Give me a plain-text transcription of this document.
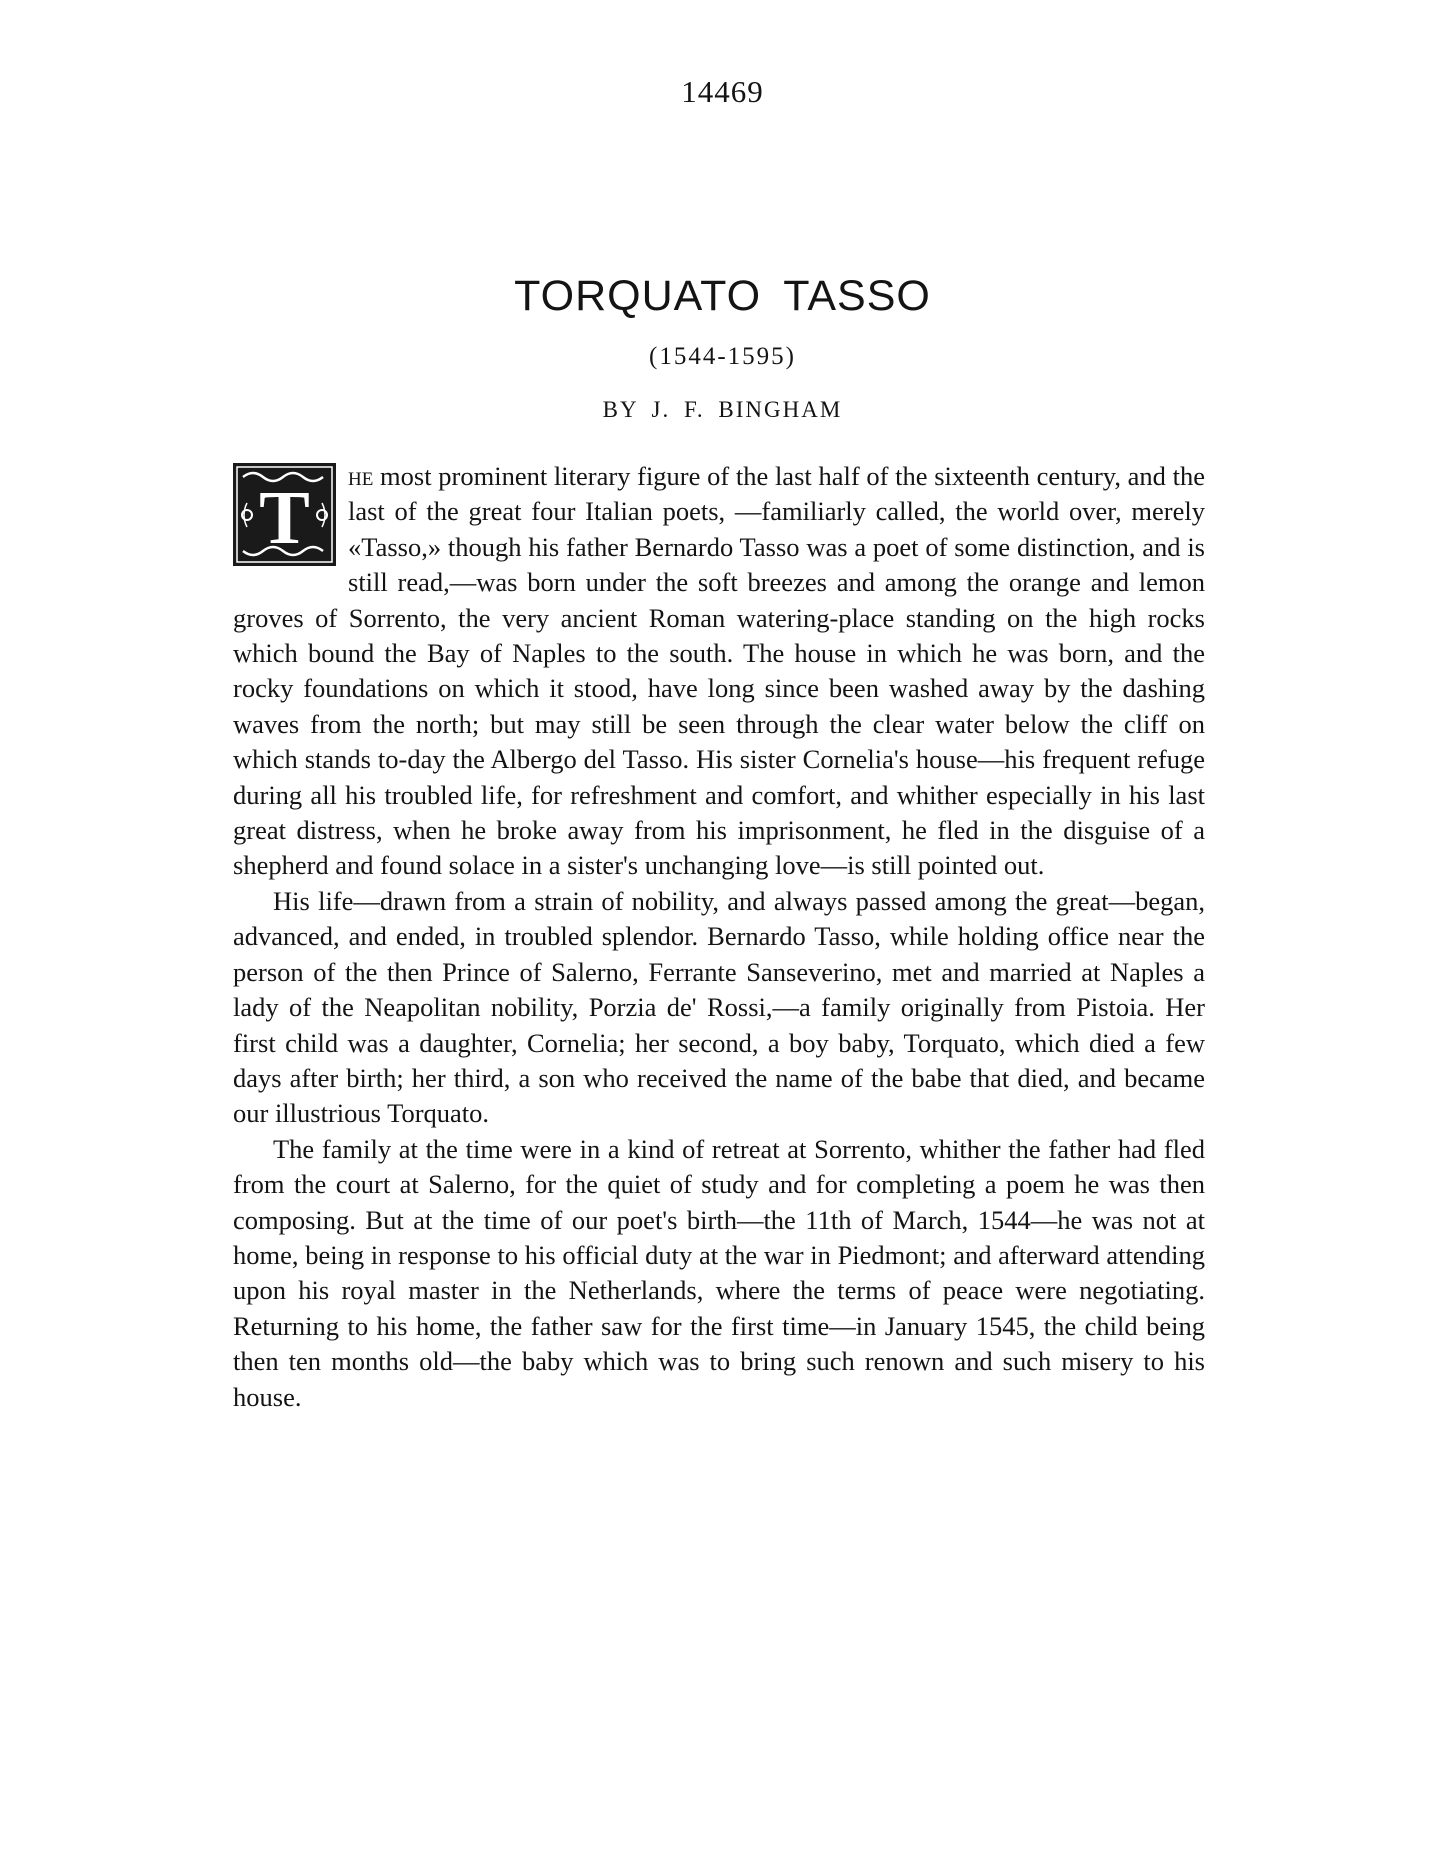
14469
TORQUATO TASSO
(1544-1595)
BY J. F. BINGHAM

T he most prominent literary figure of the last half of the sixteenth century, and the last of the great four Italian poets, —familiarly called, the world over, merely «Tasso,» though his father Bernardo Tasso was a poet of some distinction, and is still read,—was born under the soft breezes and among the orange and lemon groves of Sorrento, the very ancient Roman watering-place standing on the high rocks which bound the Bay of Naples to the south. The house in which he was born, and the rocky foundations on which it stood, have long since been washed away by the dashing waves from the north; but may still be seen through the clear water below the cliff on which stands to-day the Albergo del Tasso. His sister Cornelia's house—his frequent refuge during all his troubled life, for refreshment and comfort, and whither especially in his last great distress, when he broke away from his imprisonment, he fled in the disguise of a shepherd and found solace in a sister's unchanging love—is still pointed out.

His life—drawn from a strain of nobility, and always passed among the great—began, advanced, and ended, in troubled splendor. Bernardo Tasso, while holding office near the person of the then Prince of Salerno, Ferrante Sanseverino, met and married at Naples a lady of the Neapolitan nobility, Porzia de' Rossi,—a family originally from Pistoia. Her first child was a daughter, Cornelia; her second, a boy baby, Torquato, which died a few days after birth; her third, a son who received the name of the babe that died, and became our illustrious Torquato.

The family at the time were in a kind of retreat at Sorrento, whither the father had fled from the court at Salerno, for the quiet of study and for completing a poem he was then composing. But at the time of our poet's birth—the 11th of March, 1544—he was not at home, being in response to his official duty at the war in Piedmont; and afterward attending upon his royal master in the Netherlands, where the terms of peace were negotiating. Returning to his home, the father saw for the first time—in January 1545, the child being then ten months old—the baby which was to bring such renown and such misery to his house.
